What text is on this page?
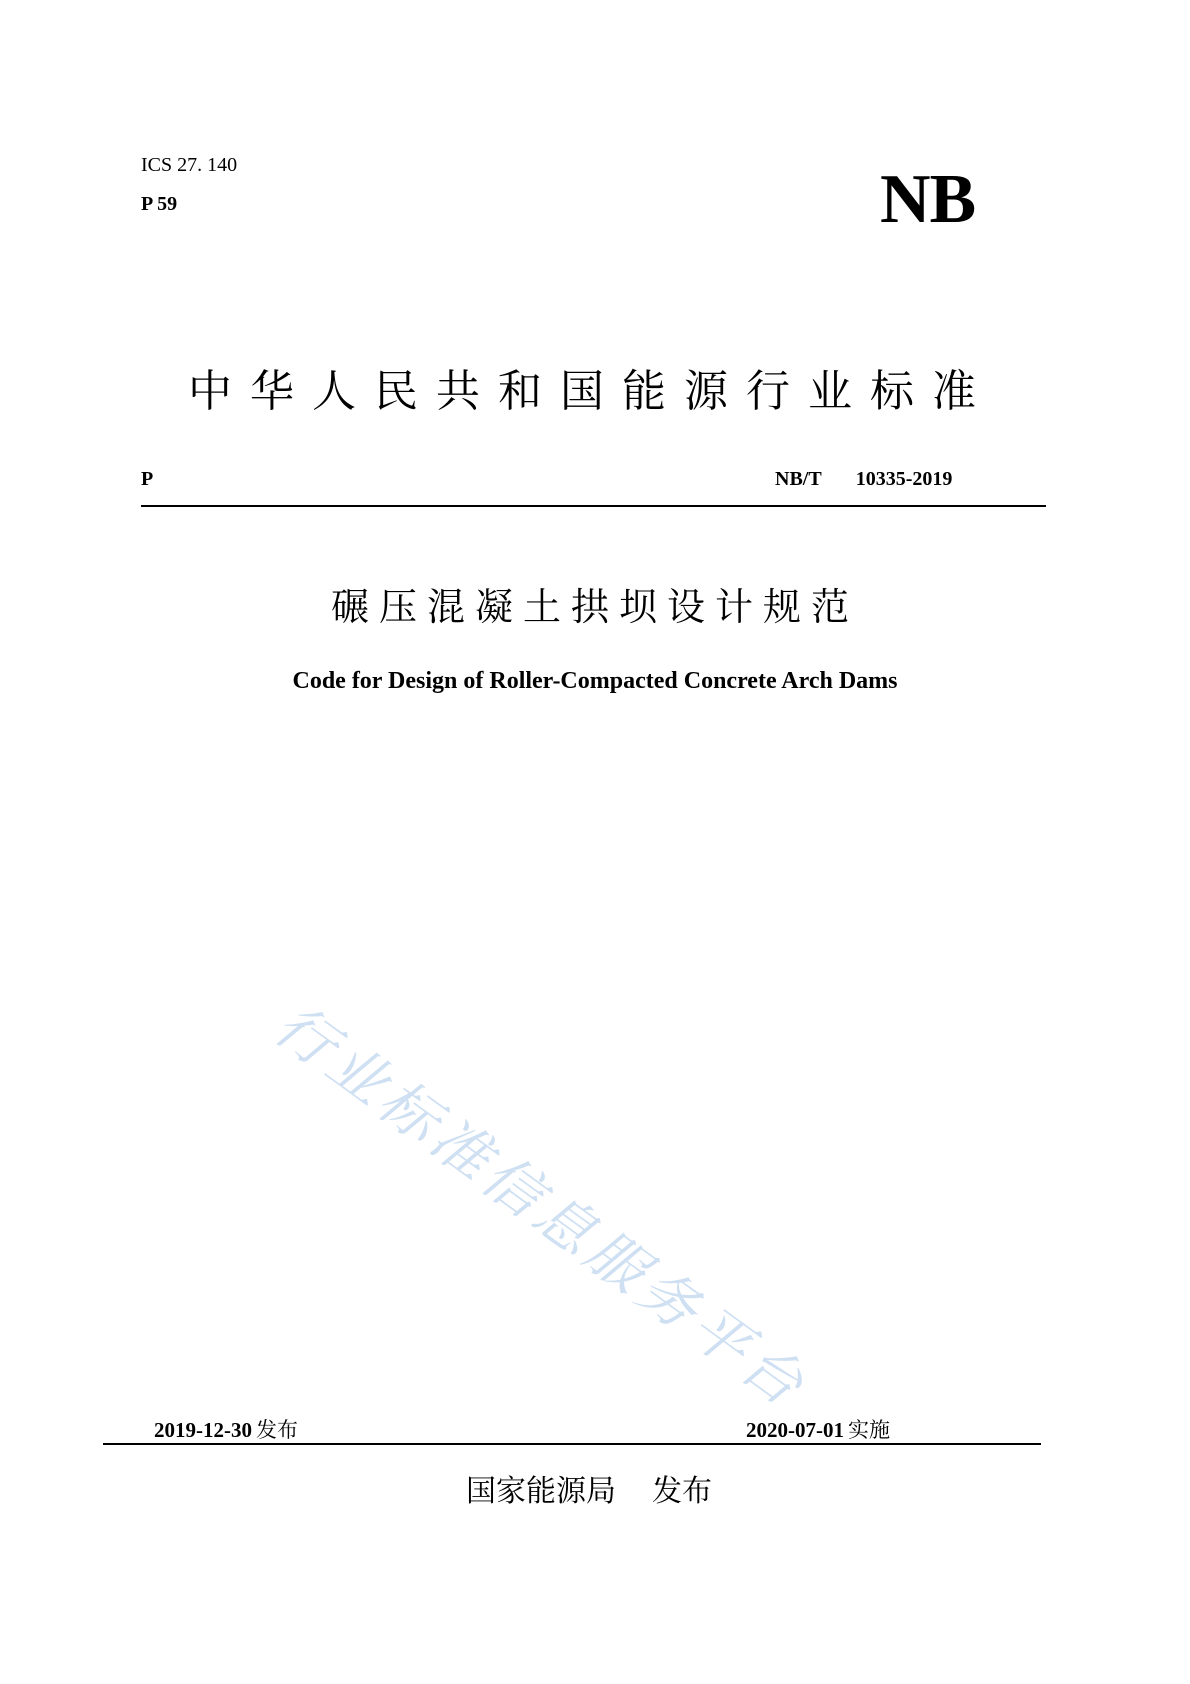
ICS 27. 140
P 59	NB
中华人民共和国能源行业标准
P	NB/T 10335-2019
碾压混凝土拱坝设计规范
Code for Design of Roller-Compacted Concrete Arch Dams
行业标准信息服务平台
2019-12-30 发布	2020-07-01 实施
国家能源局 发布
